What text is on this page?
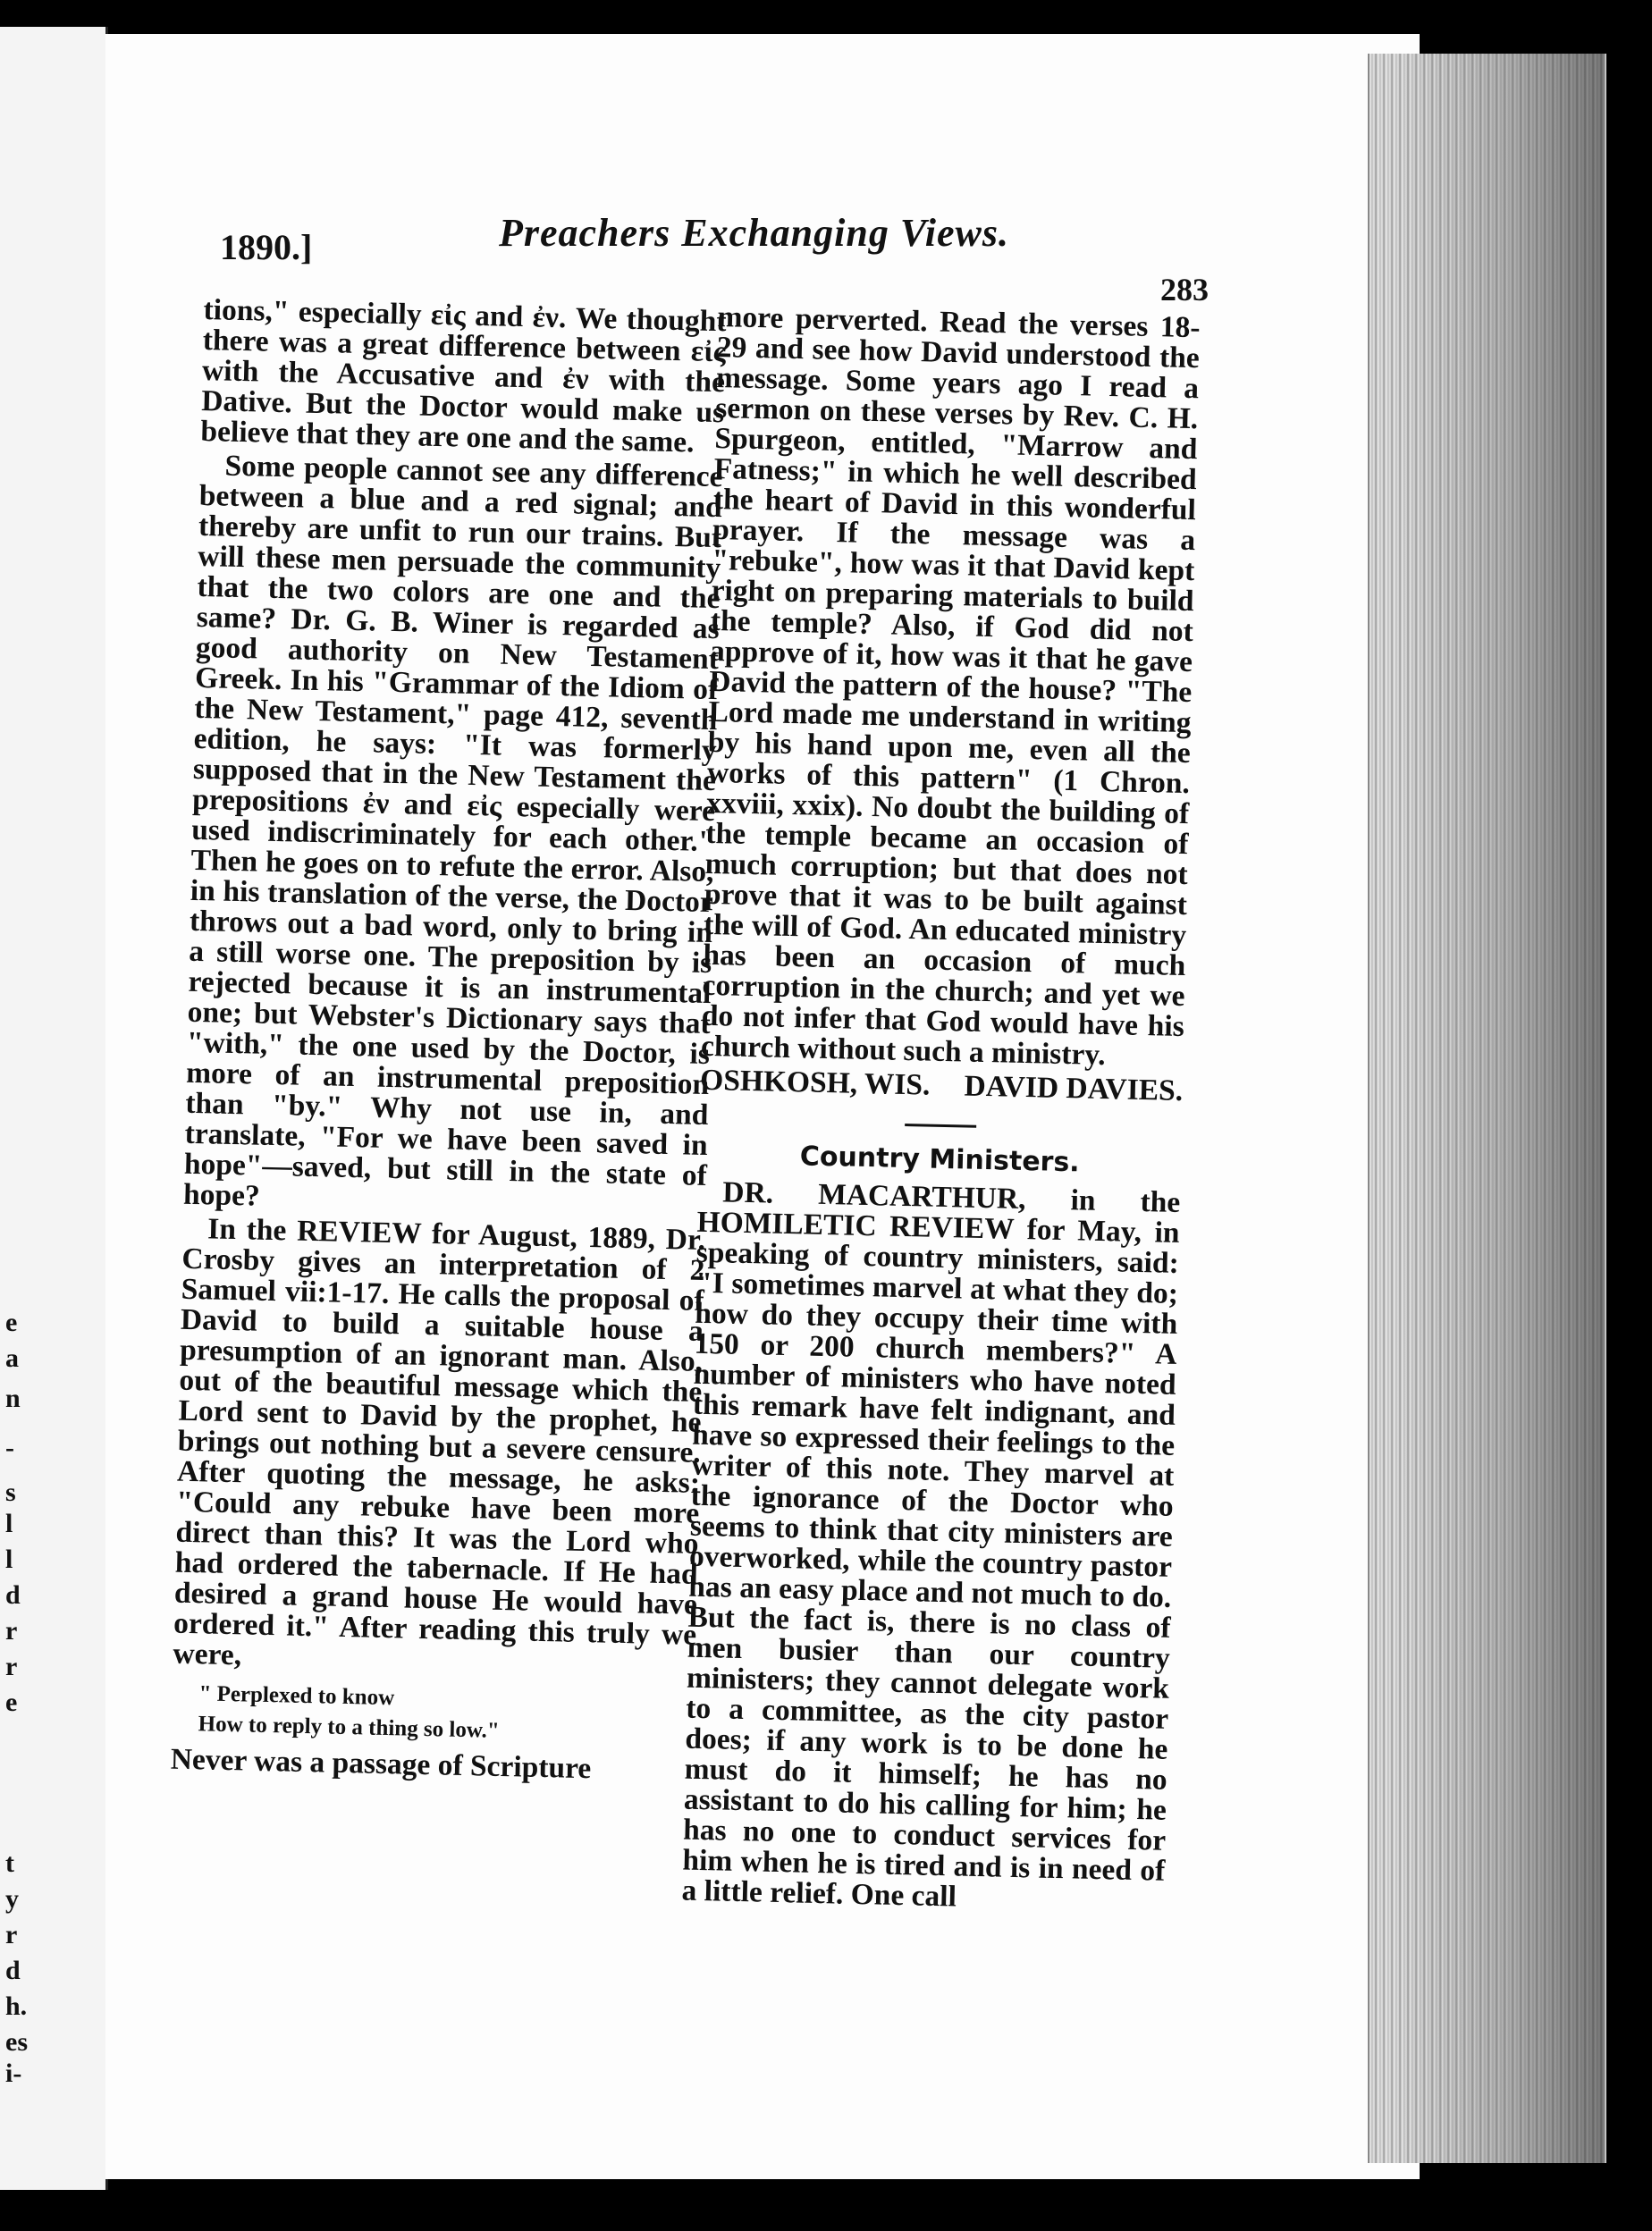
e
a
n
-
s
l
l
d
r
r
e
t
y
r
d
h.
es
i-
1890.]	Preachers Exchanging Views.
283

tions," especially εἰς and ἐν. We thought there was a great difference between εἰς with the Accusative and ἐν with the Dative. But the Doctor would make us believe that they are one and the same.

Some people cannot see any difference between a blue and a red signal; and thereby are unfit to run our trains. But will these men persuade the community that the two colors are one and the same? Dr. G. B. Winer is regarded as good authority on New Testament Greek. In his "Grammar of the Idiom of the New Testament," page 412, seventh edition, he says: "It was formerly supposed that in the New Testament the prepositions ἐν and εἰς especially were used indiscriminately for each other." Then he goes on to refute the error. Also, in his translation of the verse, the Doctor throws out a bad word, only to bring in a still worse one. The preposition by is rejected because it is an instrumental one; but Webster's Dictionary says that "with," the one used by the Doctor, is more of an instrumental preposition than "by." Why not use in, and translate, "For we have been saved in hope"—saved, but still in the state of hope?

In the REVIEW for August, 1889, Dr. Crosby gives an interpretation of 2 Samuel vii:1-17. He calls the proposal of David to build a suitable house a presumption of an ignorant man. Also, out of the beautiful message which the Lord sent to David by the prophet, he brings out nothing but a severe censure. After quoting the message, he asks: "Could any rebuke have been more direct than this? It was the Lord who had ordered the tabernacle. If He had desired a grand house He would have ordered it." After reading this truly we were,

" Perplexed to know
How to reply to a thing so low."

Never was a passage of Scripture

more perverted. Read the verses 18-29 and see how David understood the message. Some years ago I read a sermon on these verses by Rev. C. H. Spurgeon, entitled, "Marrow and Fatness;" in which he well described the heart of David in this wonderful prayer. If the message was a "rebuke", how was it that David kept right on preparing materials to build the temple? Also, if God did not approve of it, how was it that he gave David the pattern of the house? "The Lord made me understand in writing by his hand upon me, even all the works of this pattern" (1 Chron. xxviii, xxix). No doubt the building of the temple became an occasion of much corruption; but that does not prove that it was to be built against the will of God. An educated ministry has been an occasion of much corruption in the church; and yet we do not infer that God would have his church without such a ministry.

OSHKOSH, WIS. DAVID DAVIES.
Country Ministers.

DR. MACARTHUR, in the HOMILETIC REVIEW for May, in speaking of country ministers, said: "I sometimes marvel at what they do; how do they occupy their time with 150 or 200 church members?" A number of ministers who have noted this remark have felt indignant, and have so expressed their feelings to the writer of this note. They marvel at the ignorance of the Doctor who seems to think that city ministers are overworked, while the country pastor has an easy place and not much to do. But the fact is, there is no class of men busier than our country ministers; they cannot delegate work to a committee, as the city pastor does; if any work is to be done he must do it himself; he has no assistant to do his calling for him; he has no one to conduct services for him when he is tired and is in need of a little relief. One call
